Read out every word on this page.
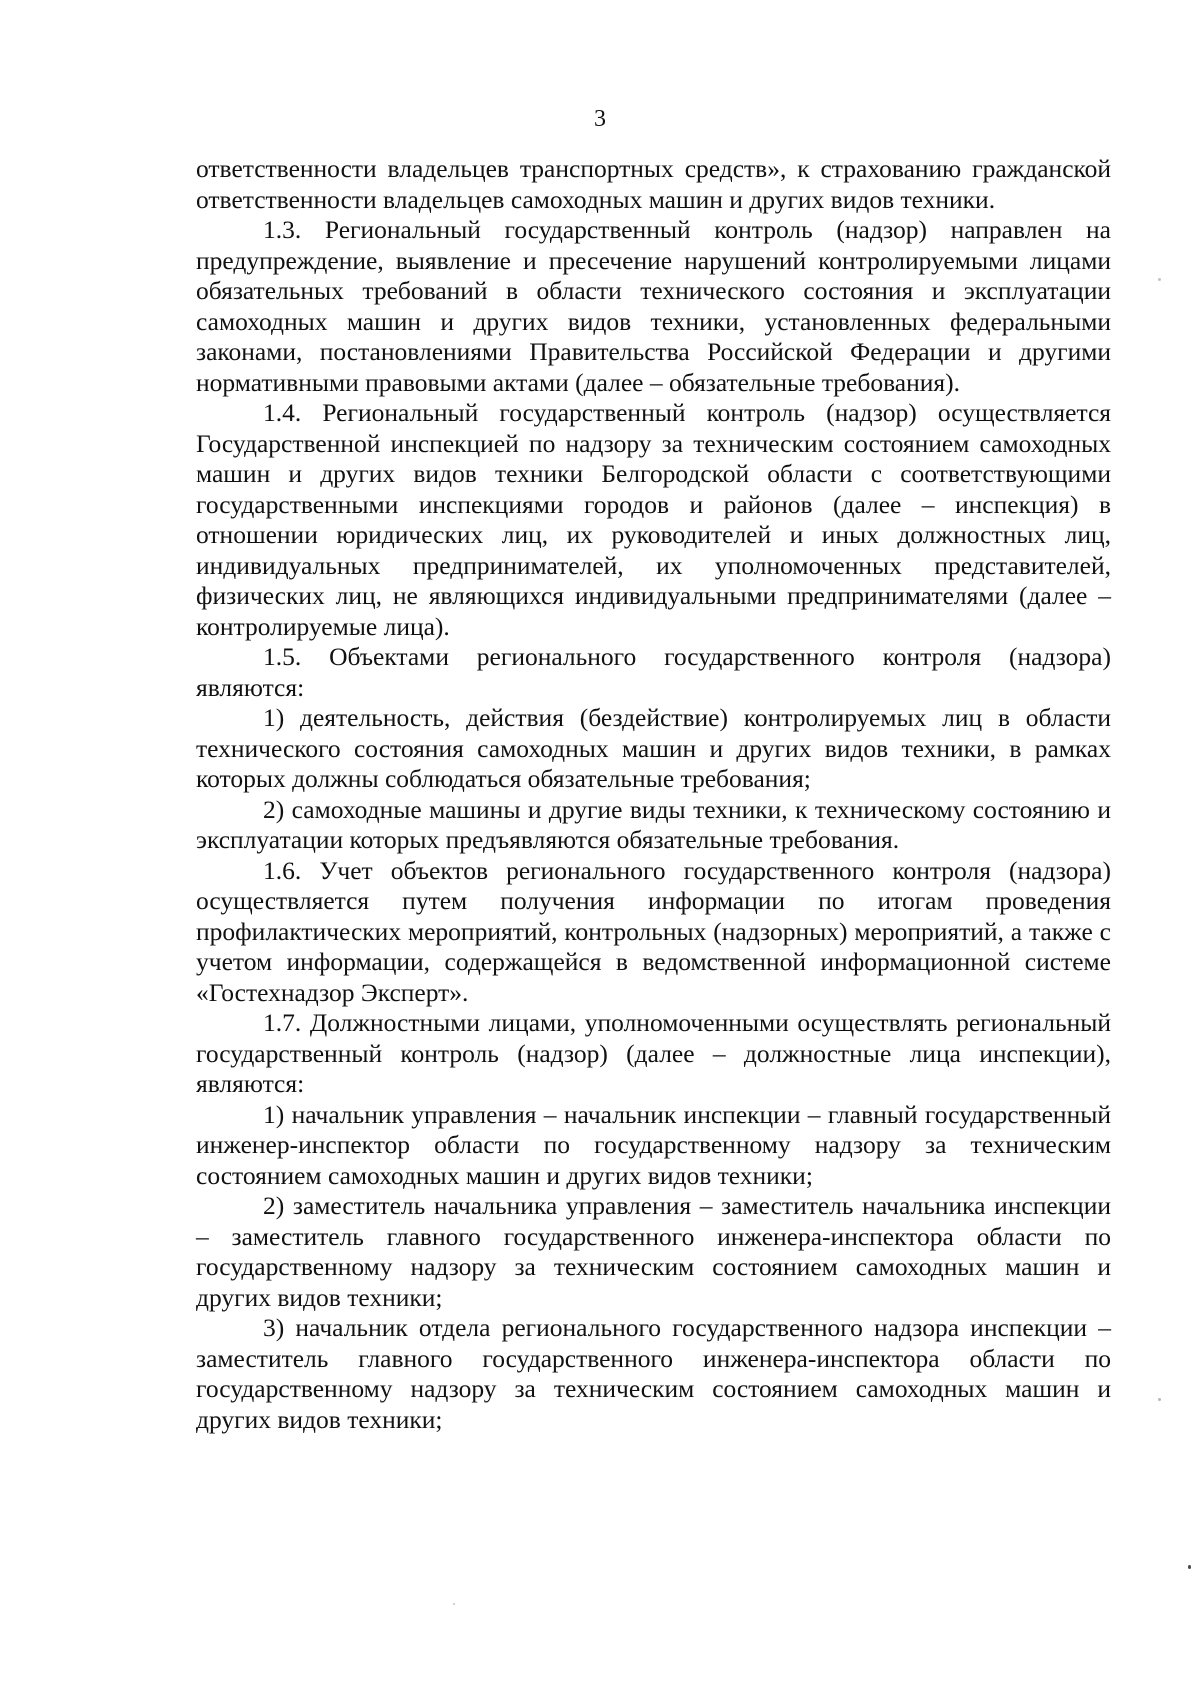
3

ответственности владельцев транспортных средств», к страхованию гражданской ответственности владельцев самоходных машин и других видов техники.

1.3. Региональный государственный контроль (надзор) направлен на предупреждение, выявление и пресечение нарушений контролируемыми лицами обязательных требований в области технического состояния и эксплуатации самоходных машин и других видов техники, установленных федеральными законами, постановлениями Правительства Российской Федерации и другими нормативными правовыми актами (далее – обязательные требования).

1.4. Региональный государственный контроль (надзор) осуществляется Государственной инспекцией по надзору за техническим состоянием самоходных машин и других видов техники Белгородской области с соответствующими государственными инспекциями городов и районов (далее – инспекция) в отношении юридических лиц, их руководителей и иных должностных лиц, индивидуальных предпринимателей, их уполномоченных представителей, физических лиц, не являющихся индивидуальными предпринимателями (далее – контролируемые лица).

1.5. Объектами регионального государственного контроля (надзора) являются:

1) деятельность, действия (бездействие) контролируемых лиц в области технического состояния самоходных машин и других видов техники, в рамках которых должны соблюдаться обязательные требования;

2) самоходные машины и другие виды техники, к техническому состоянию и эксплуатации которых предъявляются обязательные требования.

1.6. Учет объектов регионального государственного контроля (надзора) осуществляется путем получения информации по итогам проведения профилактических мероприятий, контрольных (надзорных) мероприятий, а также с учетом информации, содержащейся в ведомственной информационной системе «Гостехнадзор Эксперт».

1.7. Должностными лицами, уполномоченными осуществлять региональный государственный контроль (надзор) (далее – должностные лица инспекции), являются:

1) начальник управления – начальник инспекции – главный государственный инженер-инспектор области по государственному надзору за техническим состоянием самоходных машин и других видов техники;

2) заместитель начальника управления – заместитель начальника инспекции – заместитель главного государственного инженера-инспектора области по государственному надзору за техническим состоянием самоходных машин и других видов техники;

3) начальник отдела регионального государственного надзора инспекции – заместитель главного государственного инженера-инспектора области по государственному надзору за техническим состоянием самоходных машин и других видов техники;
